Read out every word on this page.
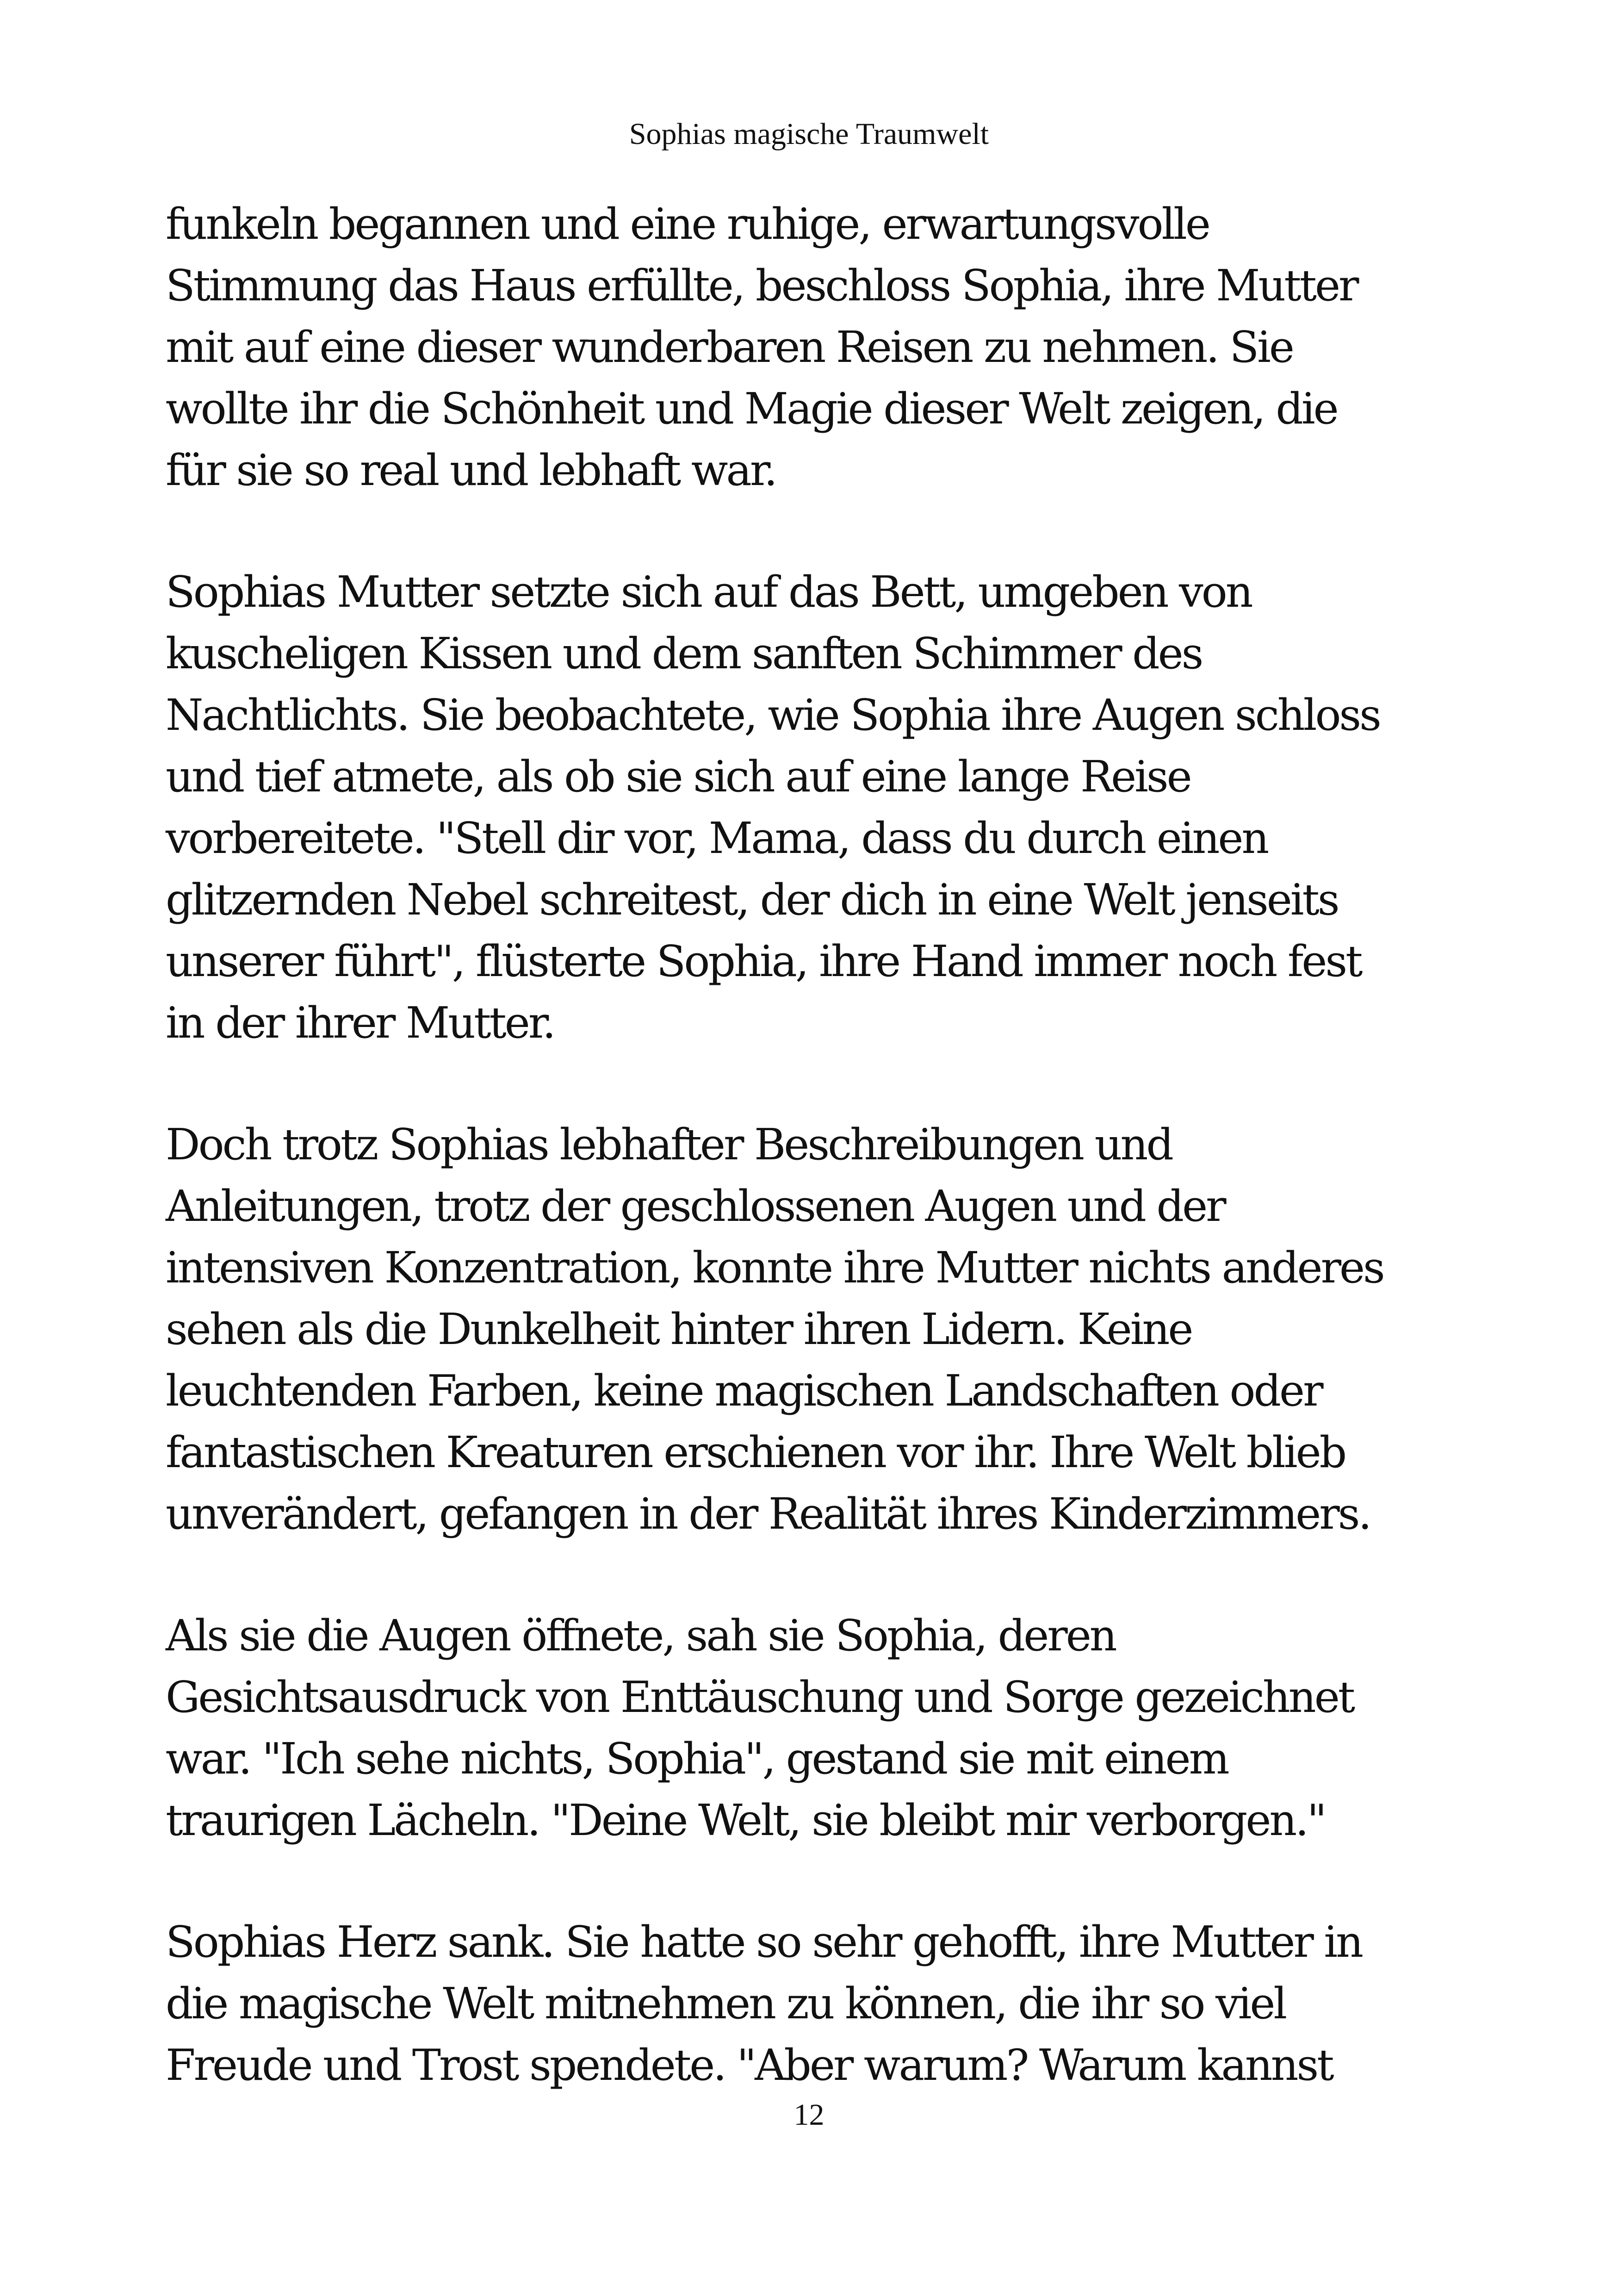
Sophias magische Traumwelt

funkeln begannen und eine ruhige, erwartungsvolle
Stimmung das Haus erfüllte, beschloss Sophia, ihre Mutter
mit auf eine dieser wunderbaren Reisen zu nehmen. Sie
wollte ihr die Schönheit und Magie dieser Welt zeigen, die
für sie so real und lebhaft war.

Sophias Mutter setzte sich auf das Bett, umgeben von
kuscheligen Kissen und dem sanften Schimmer des
Nachtlichts. Sie beobachtete, wie Sophia ihre Augen schloss
und tief atmete, als ob sie sich auf eine lange Reise
vorbereitete. "Stell dir vor, Mama, dass du durch einen
glitzernden Nebel schreitest, der dich in eine Welt jenseits
unserer führt", flüsterte Sophia, ihre Hand immer noch fest
in der ihrer Mutter.

Doch trotz Sophias lebhafter Beschreibungen und
Anleitungen, trotz der geschlossenen Augen und der
intensiven Konzentration, konnte ihre Mutter nichts anderes
sehen als die Dunkelheit hinter ihren Lidern. Keine
leuchtenden Farben, keine magischen Landschaften oder
fantastischen Kreaturen erschienen vor ihr. Ihre Welt blieb
unverändert, gefangen in der Realität ihres Kinderzimmers.

Als sie die Augen öffnete, sah sie Sophia, deren
Gesichtsausdruck von Enttäuschung und Sorge gezeichnet
war. "Ich sehe nichts, Sophia", gestand sie mit einem
traurigen Lächeln. "Deine Welt, sie bleibt mir verborgen."

Sophias Herz sank. Sie hatte so sehr gehofft, ihre Mutter in
die magische Welt mitnehmen zu können, die ihr so viel
Freude und Trost spendete. "Aber warum? Warum kannst

12
